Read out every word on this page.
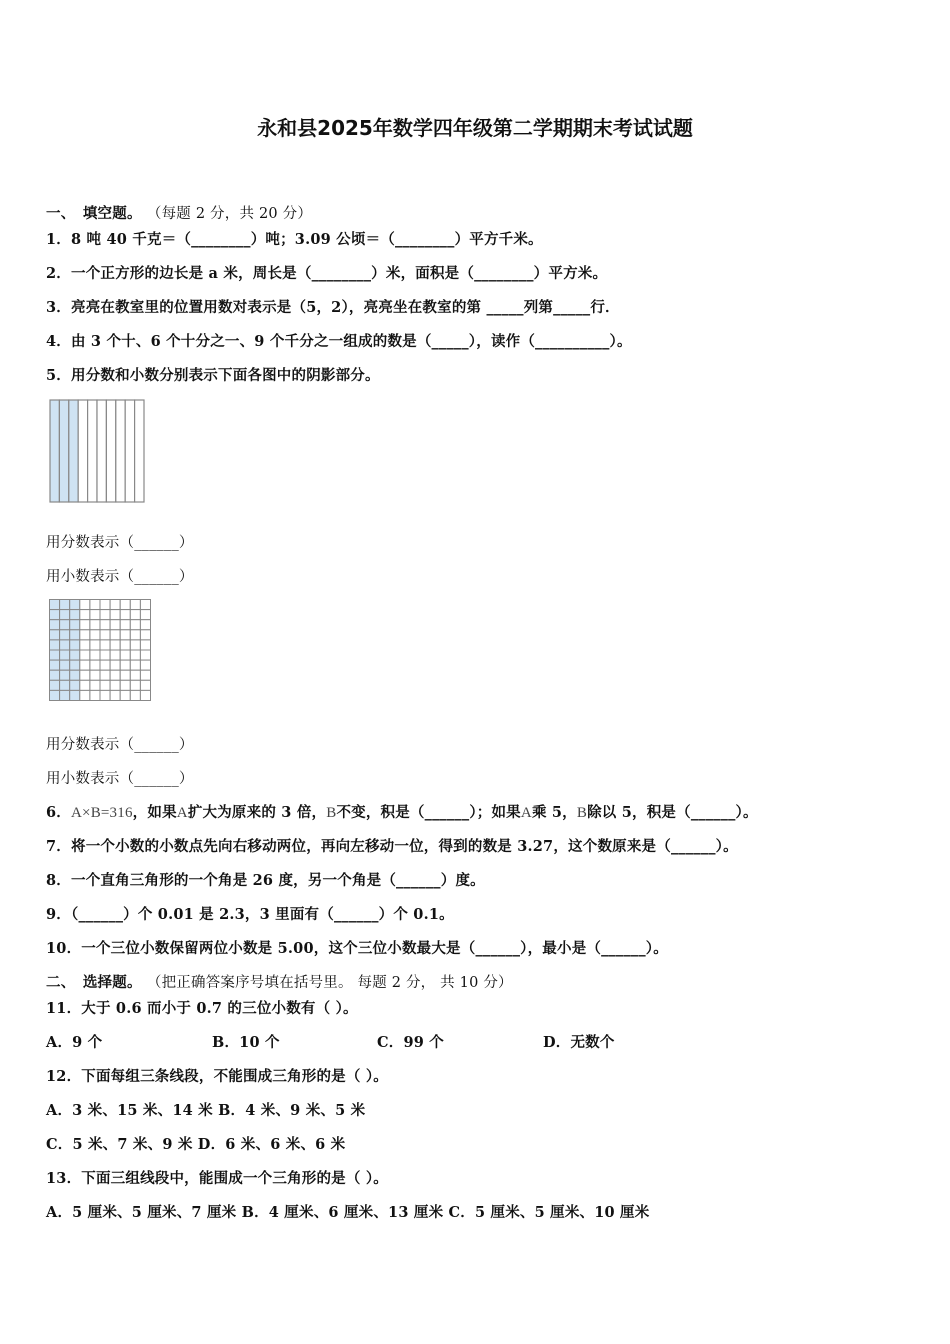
永和县2025年数学四年级第二学期期末考试试题
一、　填空题。 （每题 2 分，共 20 分）
1．8 吨 40 千克＝（________）吨；3.09 公顷＝（________）平方千米。
2．一个正方形的边长是 a 米，周长是（________）米，面积是（________）平方米。
3．亮亮在教室里的位置用数对表示是（5，2），亮亮坐在教室的第 _____列第_____行．
4．由 3 个十、6 个十分之一、9 个千分之一组成的数是（_____），读作（__________）。
5．用分数和小数分别表示下面各图中的阴影部分。
用分数表示（______）
用小数表示（______）
用分数表示（______）
用小数表示（______）
6．A×B=316，如果A扩大为原来的 3 倍，B不变，积是（______）；如果A乘 5，B除以 5，积是（______）。
7．将一个小数的小数点先向右移动两位，再向左移动一位，得到的数是 3.27，这个数原来是（______）。
8．一个直角三角形的一个角是 26 度，另一个角是（______）度。
9．（______）个 0.01 是 2.3，3 里面有（______）个 0.1。
10．一个三位小数保留两位小数是 5.00，这个三位小数最大是（______），最小是（______）。
二、　选择题。 （把正确答案序号填在括号里。 每题 2 分， 共 10 分）
11．大于 0.6 而小于 0.7 的三位小数有（ ）。
A．9 个	B．10 个	C．99 个	D．无数个
12．下面每组三条线段，不能围成三角形的是（ ）。
A．3 米、15 米、14 米 B．4 米、9 米、5 米
C．5 米、7 米、9 米 D．6 米、6 米、6 米
13．下面三组线段中，能围成一个三角形的是（ ）。
A．5 厘米、5 厘米、7 厘米 B．4 厘米、6 厘米、13 厘米 C．5 厘米、5 厘米、10 厘米
